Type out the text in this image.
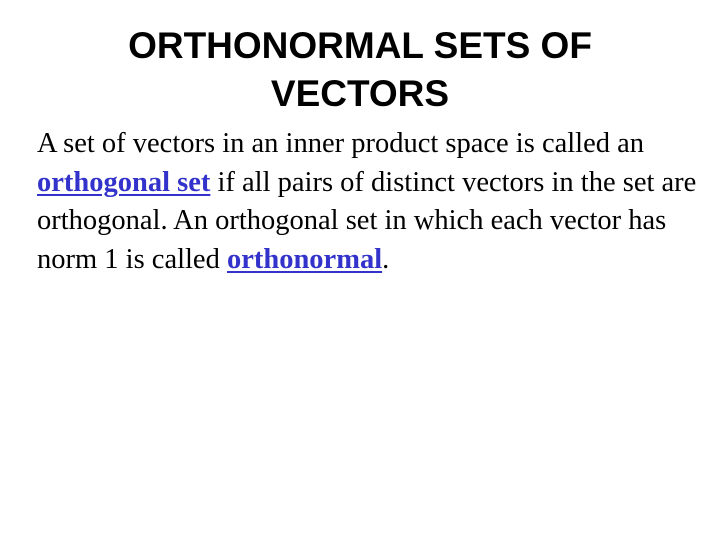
ORTHONORMAL SETS OF
VECTORS

A set of vectors in an inner product space is called an orthogonal set if all pairs of distinct vectors in the set are orthogonal. An orthogonal set in which each vector has norm 1 is called orthonormal.
